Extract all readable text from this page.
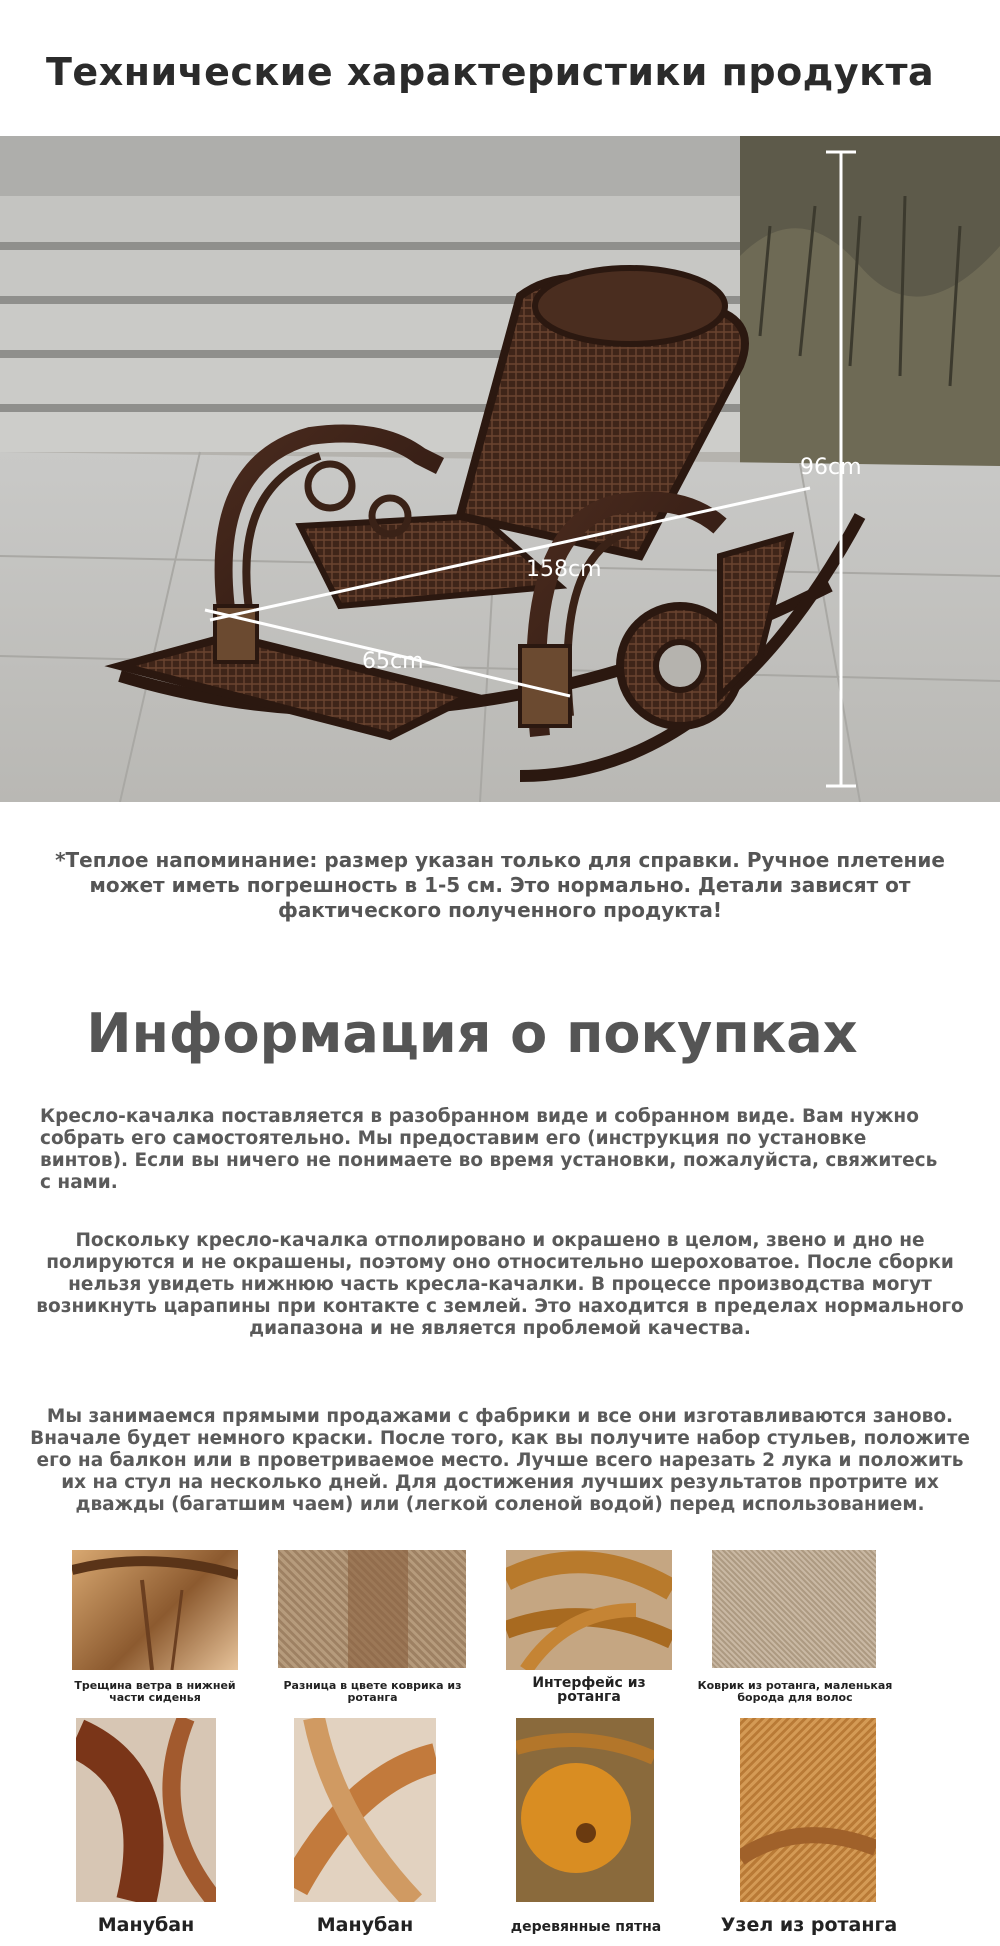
Технические характеристики продукта
96cm
158cm
65cm
*Теплое напоминание: размер указан только для справки. Ручное плетение может иметь погрешность в 1-5 см. Это нормально. Детали зависят от фактического полученного продукта!
Информация о покупках
Кресло-качалка поставляется в разобранном виде и собранном виде. Вам нужно собрать его самостоятельно. Мы предоставим его (инструкция по установке винтов). Если вы ничего не понимаете во время установки, пожалуйста, свяжитесь с нами.
Поскольку кресло-качалка отполировано и окрашено в целом, звено и дно не полируются и не окрашены, поэтому оно относительно шероховатое. После сборки нельзя увидеть нижнюю часть кресла-качалки. В процессе производства могут возникнуть царапины при контакте с землей. Это находится в пределах нормального диапазона и не является проблемой качества.
Мы занимаемся прямыми продажами с фабрики и все они изготавливаются заново. Вначале будет немного краски. После того, как вы получите набор стульев, положите его на балкон или в проветриваемое место. Лучше всего нарезать 2 лука и положить их на стул на несколько дней. Для достижения лучших результатов протрите их дважды (багатшим чаем) или (легкой соленой водой) перед использованием.
Трещина ветра в нижней части сиденья
Разница в цвете коврика из ротанга
Интерфейс из ротанга
Коврик из ротанга, маленькая борода для волос
Манубан	Манубан	деревянные пятна	Узел из ротанга
